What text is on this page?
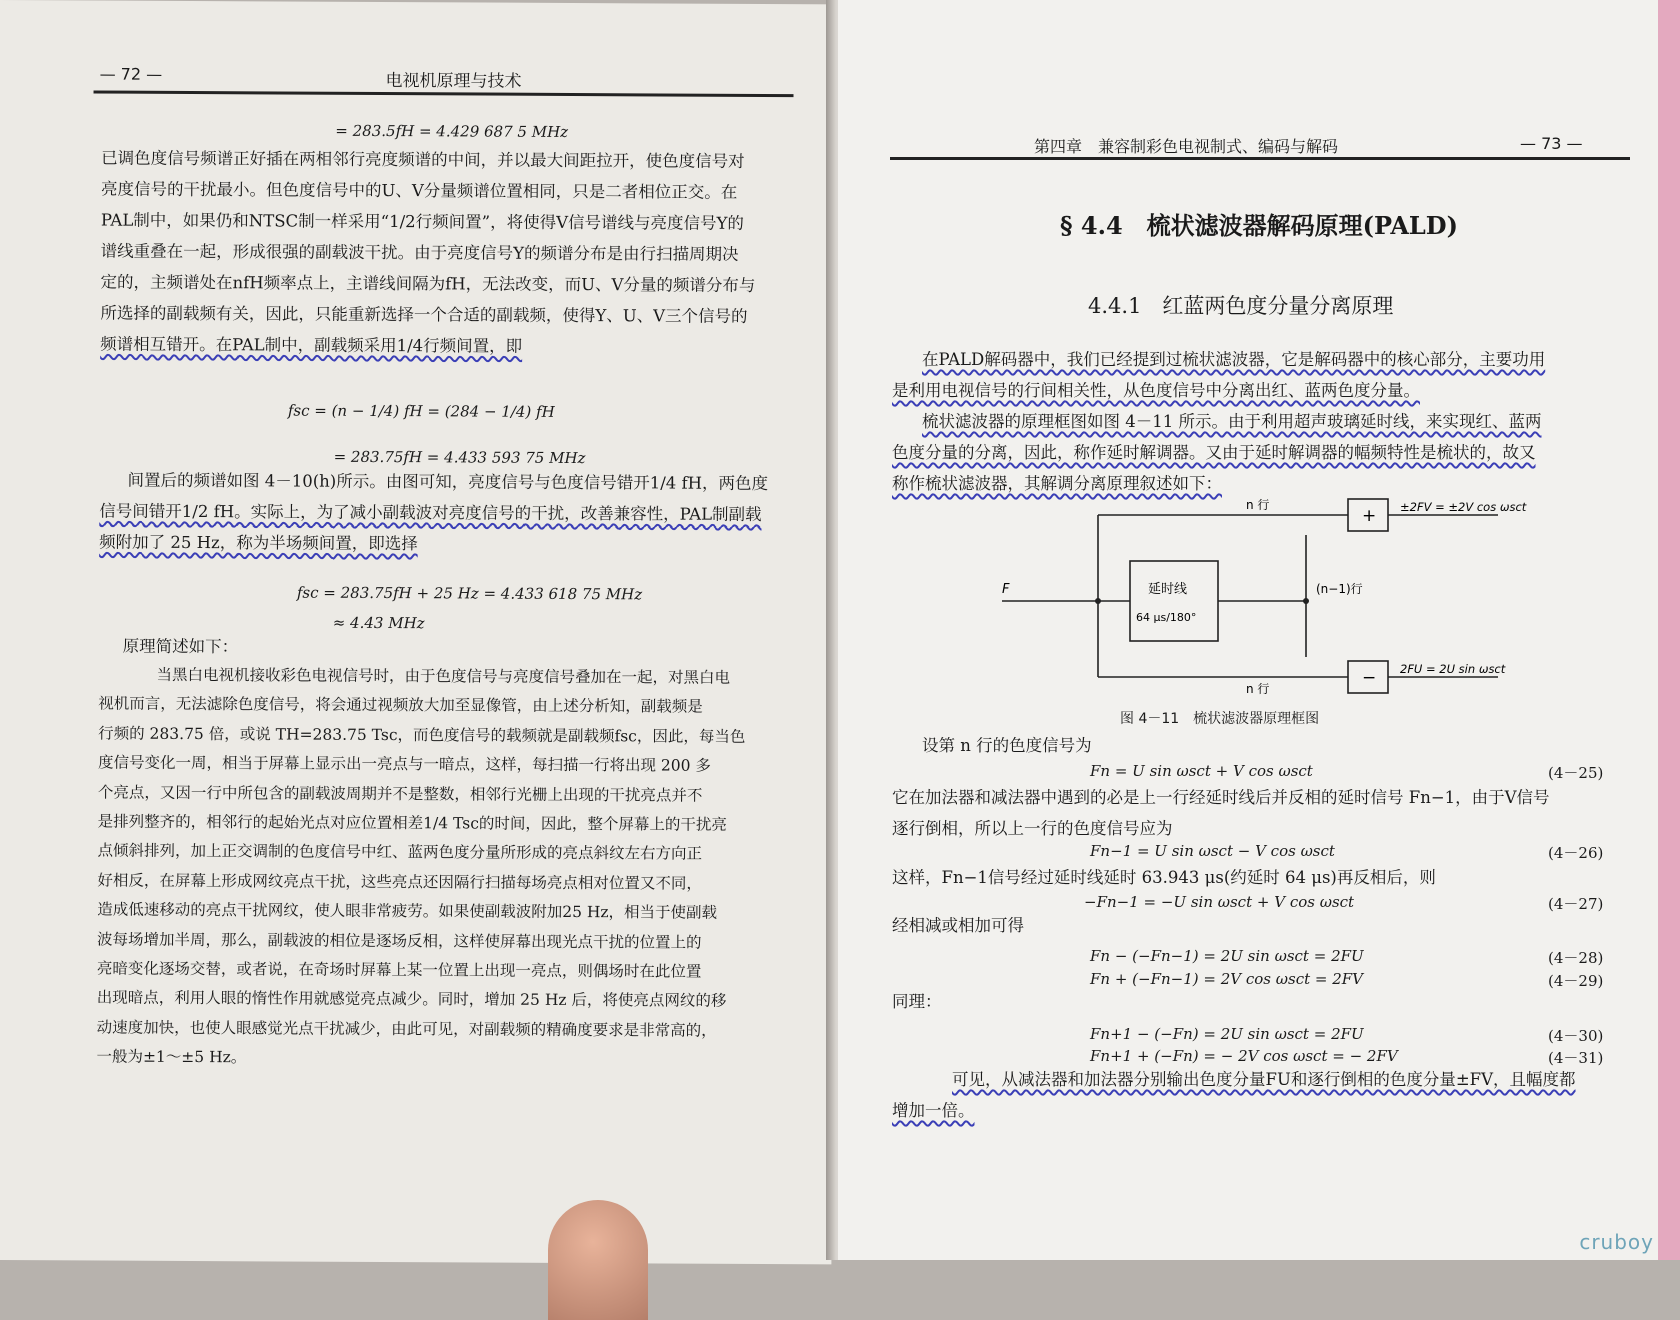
— 72 —	电视机原理与技术
= 283.5fH = 4.429 687 5 MHz

已调色度信号频谱正好插在两相邻行亮度频谱的中间，并以最大间距拉开，使色度信号对

亮度信号的干扰最小。但色度信号中的U、V分量频谱位置相同，只是二者相位正交。在

PAL制中，如果仍和NTSC制一样采用“1/2行频间置”，将使得V信号谱线与亮度信号Y的

谱线重叠在一起，形成很强的副载波干扰。由于亮度信号Y的频谱分布是由行扫描周期决

定的，主频谱处在nfH频率点上，主谱线间隔为fH，无法改变，而U、V分量的频谱分布与

所选择的副载频有关，因此，只能重新选择一个合适的副载频，使得Y、U、V三个信号的

频谱相互错开。在PAL制中，副载频采用1/4行频间置，即

fsc = (n − 1/4) fH = (284 − 1/4) fH
= 283.75fH = 4.433 593 75 MHz

间置后的频谱如图 4－10(h)所示。由图可知，亮度信号与色度信号错开1/4 fH，两色度

信号间错开1/2 fH。实际上，为了减小副载波对亮度信号的干扰，改善兼容性，PAL制副载

频附加了 25 Hz，称为半场频间置，即选择

fsc = 283.75fH + 25 Hz = 4.433 618 75 MHz
≈ 4.43 MHz

原理简述如下：

当黑白电视机接收彩色电视信号时，由于色度信号与亮度信号叠加在一起，对黑白电

视机而言，无法滤除色度信号，将会通过视频放大加至显像管，由上述分析知，副载频是

行频的 283.75 倍，或说 TH=283.75 Tsc，而色度信号的载频就是副载频fsc，因此，每当色

度信号变化一周，相当于屏幕上显示出一亮点与一暗点，这样，每扫描一行将出现 200 多

个亮点，又因一行中所包含的副载波周期并不是整数，相邻行光栅上出现的干扰亮点并不

是排列整齐的，相邻行的起始光点对应位置相差1/4 Tsc的时间，因此，整个屏幕上的干扰亮

点倾斜排列，加上正交调制的色度信号中红、蓝两色度分量所形成的亮点斜纹左右方向正

好相反，在屏幕上形成网纹亮点干扰，这些亮点还因隔行扫描每场亮点相对位置又不同，

造成低速移动的亮点干扰网纹，使人眼非常疲劳。如果使副载波附加25 Hz，相当于使副载

波每场增加半周，那么，副载波的相位是逐场反相，这样使屏幕出现光点干扰的位置上的

亮暗变化逐场交替，或者说，在奇场时屏幕上某一位置上出现一亮点，则偶场时在此位置

出现暗点，利用人眼的惰性作用就感觉亮点减少。同时，增加 25 Hz 后，将使亮点网纹的移

动速度加快，也使人眼感觉光点干扰减少，由此可见，对副载频的精确度要求是非常高的，

一般为±1～±5 Hz。

第四章　兼容制彩色电视制式、编码与解码	— 73 —
§ 4.4　梳状滤波器解码原理(PALD)
4.4.1　红蓝两色度分量分离原理

在PALD解码器中，我们已经提到过梳状滤波器，它是解码器中的核心部分，主要功用

是利用电视信号的行间相关性，从色度信号中分离出红、蓝两色度分量。

梳状滤波器的原理框图如图 4－11 所示。由于利用超声玻璃延时线，来实现红、蓝两

色度分量的分离，因此，称作延时解调器。又由于延时解调器的幅频特性是梳状的，故又

称作梳状滤波器，其解调分离原理叙述如下：

F	延时线
64 μs/180°
n 行
n 行
(n−1)行
+
−
±2FV = ±2V cos ωsct
2FU = 2U sin ωsct
图 4－11　梳状滤波器原理框图

设第 n 行的色度信号为

Fn = U sin ωsct + V cos ωsct	(4－25)

它在加法器和减法器中遇到的必是上一行经延时线后并反相的延时信号 Fn−1，由于V信号

逐行倒相，所以上一行的色度信号应为

Fn−1 = U sin ωsct − V cos ωsct	(4－26)

这样，Fn−1信号经过延时线延时 63.943 μs(约延时 64 μs)再反相后，则

−Fn−1 = −U sin ωsct + V cos ωsct	(4－27)

经相减或相加可得

Fn − (−Fn−1) = 2U sin ωsct = 2FU	(4－28)
Fn + (−Fn−1) = 2V cos ωsct = 2FV	(4－29)

同理：

Fn+1 − (−Fn) = 2U sin ωsct = 2FU	(4－30)
Fn+1 + (−Fn) = − 2V cos ωsct = − 2FV	(4－31)

可见，从减法器和加法器分别输出色度分量FU和逐行倒相的色度分量±FV，且幅度都

增加一倍。

cruboy
